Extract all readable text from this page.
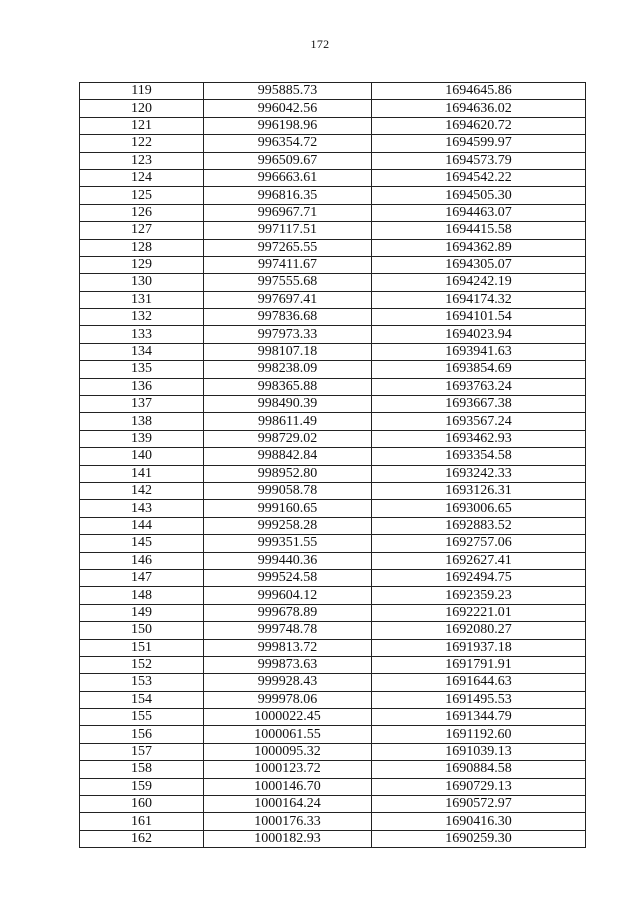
172
119	995885.73	1694645.86
120	996042.56	1694636.02
121	996198.96	1694620.72
122	996354.72	1694599.97
123	996509.67	1694573.79
124	996663.61	1694542.22
125	996816.35	1694505.30
126	996967.71	1694463.07
127	997117.51	1694415.58
128	997265.55	1694362.89
129	997411.67	1694305.07
130	997555.68	1694242.19
131	997697.41	1694174.32
132	997836.68	1694101.54
133	997973.33	1694023.94
134	998107.18	1693941.63
135	998238.09	1693854.69
136	998365.88	1693763.24
137	998490.39	1693667.38
138	998611.49	1693567.24
139	998729.02	1693462.93
140	998842.84	1693354.58
141	998952.80	1693242.33
142	999058.78	1693126.31
143	999160.65	1693006.65
144	999258.28	1692883.52
145	999351.55	1692757.06
146	999440.36	1692627.41
147	999524.58	1692494.75
148	999604.12	1692359.23
149	999678.89	1692221.01
150	999748.78	1692080.27
151	999813.72	1691937.18
152	999873.63	1691791.91
153	999928.43	1691644.63
154	999978.06	1691495.53
155	1000022.45	1691344.79
156	1000061.55	1691192.60
157	1000095.32	1691039.13
158	1000123.72	1690884.58
159	1000146.70	1690729.13
160	1000164.24	1690572.97
161	1000176.33	1690416.30
162	1000182.93	1690259.30
